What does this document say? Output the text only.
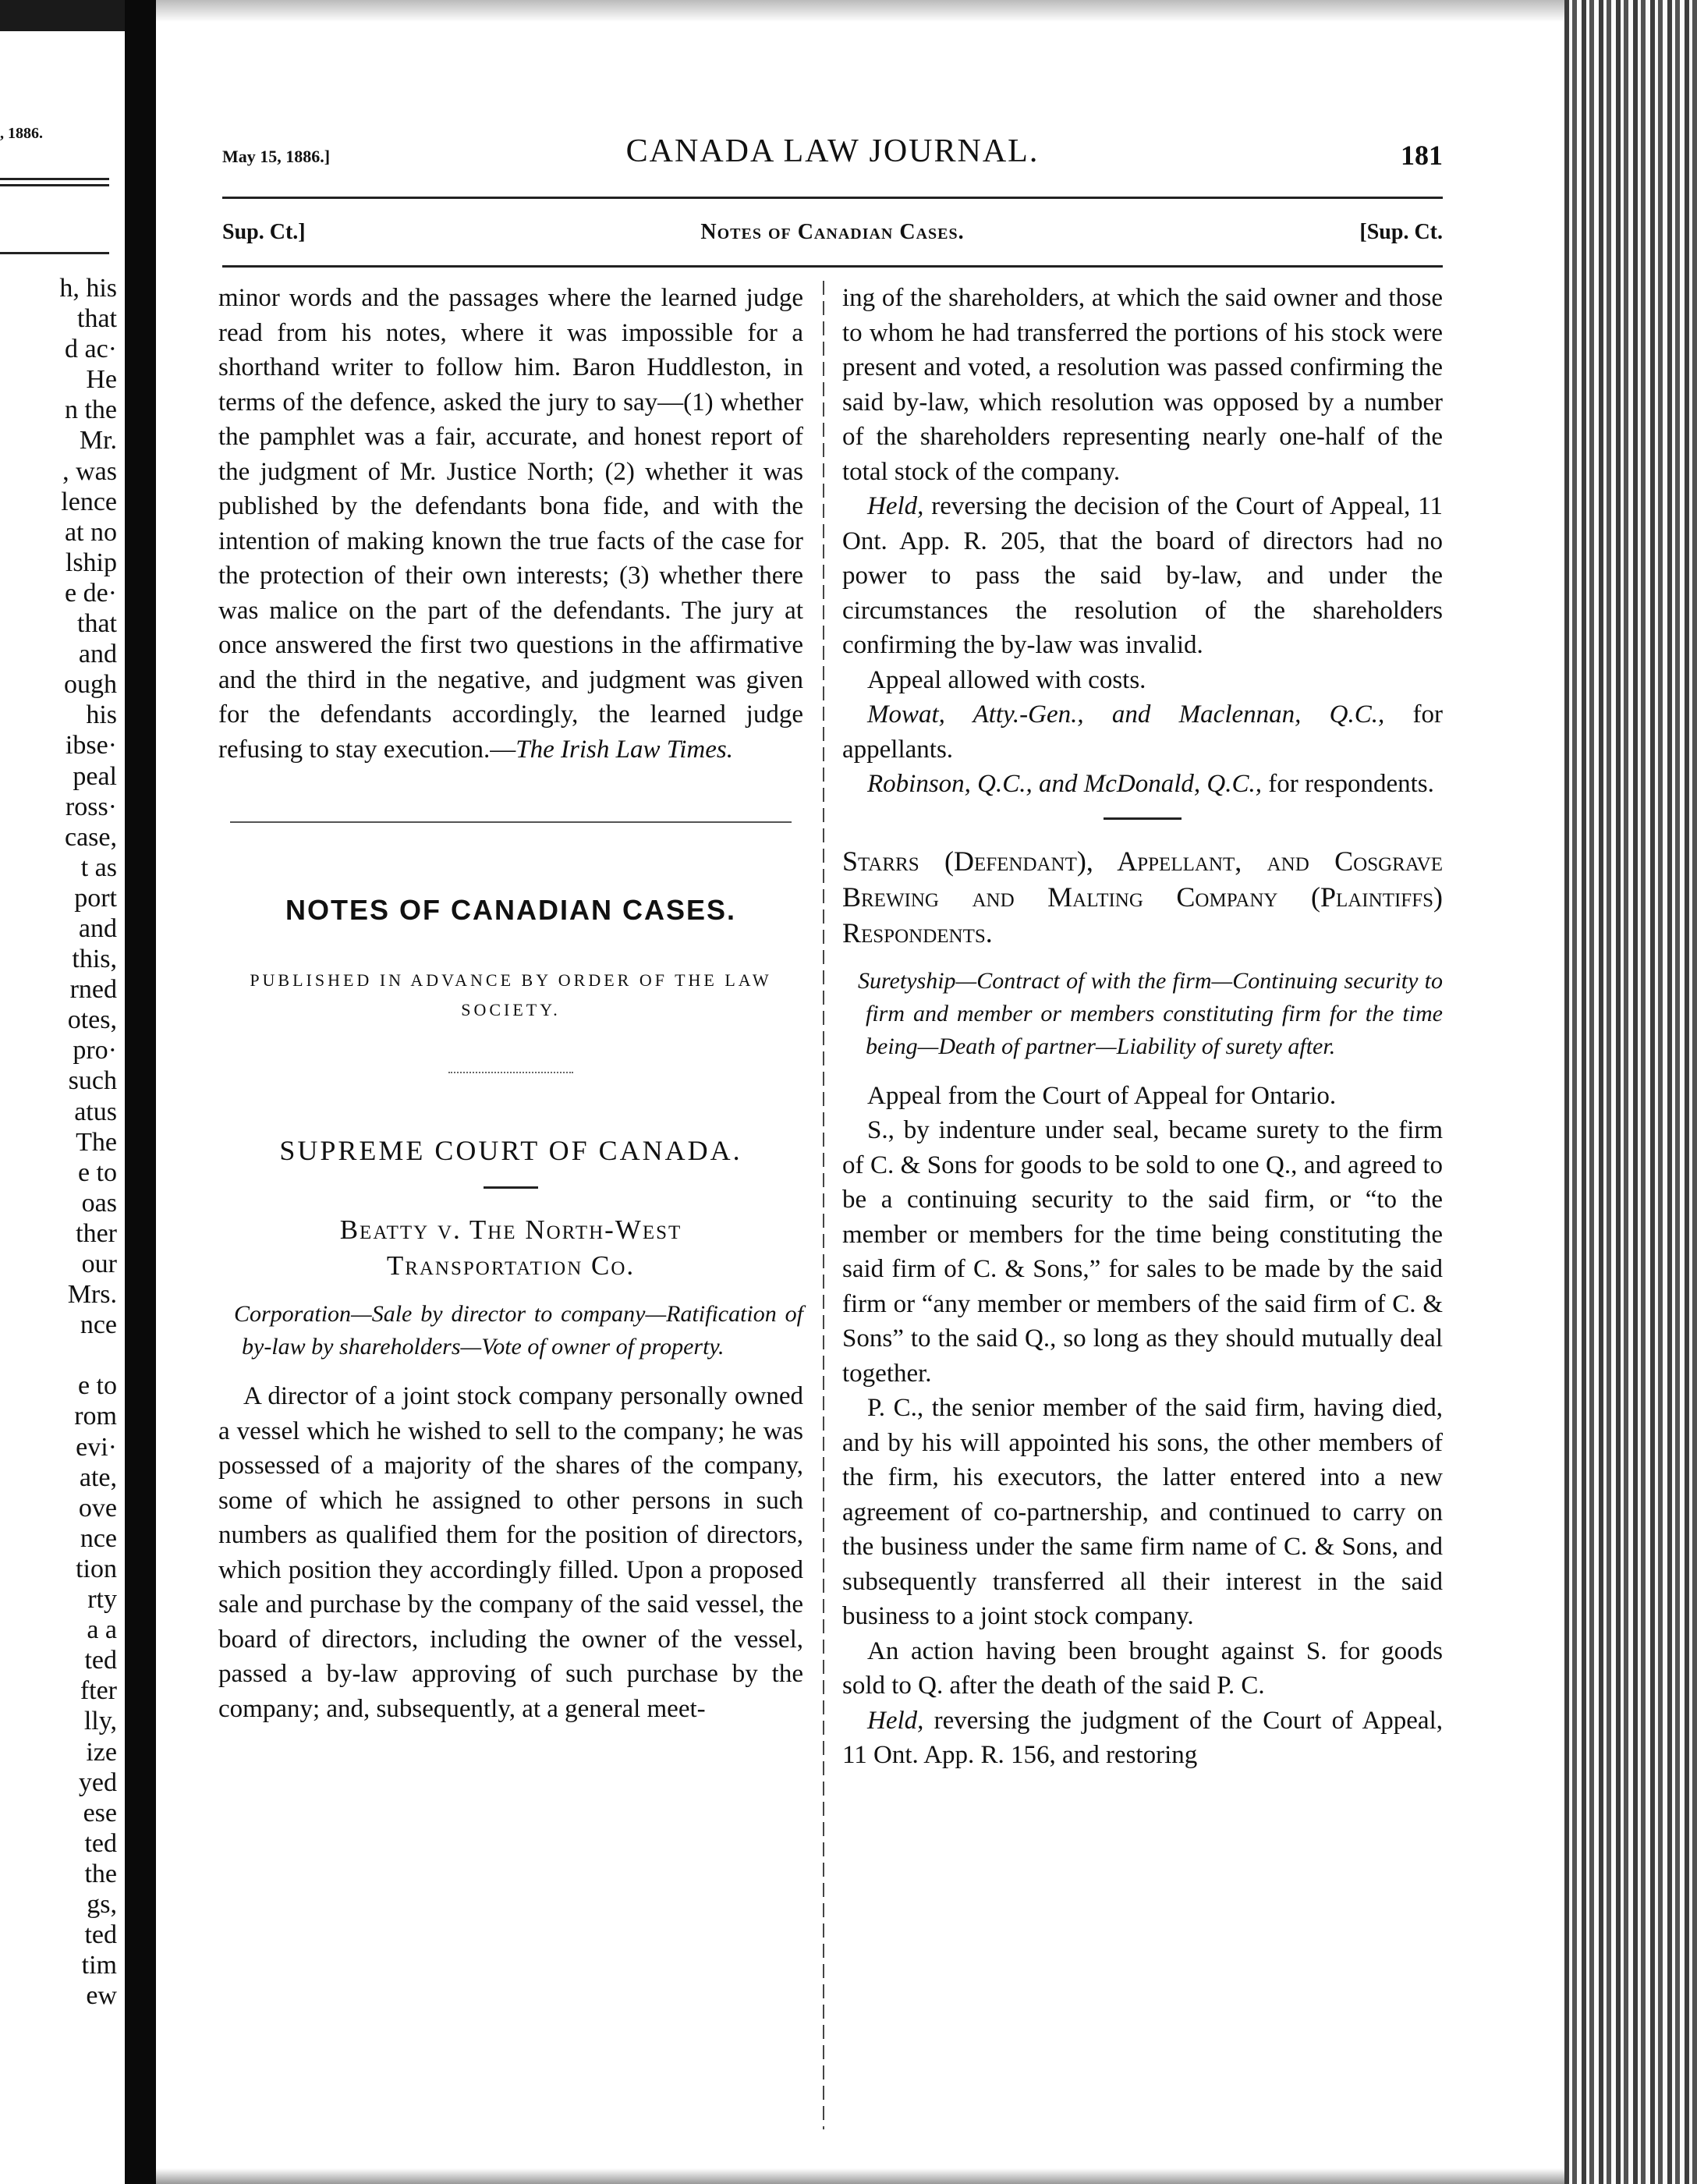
, 1886.
h, his
that
d ac·
He
n the
Mr.
, was
lence
at no
lship
e de·
that
and
ough
his
ibse·
peal
ross·
case,
t as
port
and
this,
rned
otes,
pro·
such
atus
The
e to
oas
ther
our
Mrs.
nce

e to
rom
evi·
ate,
ove
nce
tion
rty
a a
ted
fter
lly,
ize
yed
ese
ted
the
gs,
ted
tim
ew
May 15, 1886.]	CANADA LAW JOURNAL.	181
Sup. Ct.]	Notes of Canadian Cases.	[Sup. Ct.

minor words and the passages where the learned judge read from his notes, where it was impossible for a shorthand writer to follow him. Baron Huddleston, in terms of the defence, asked the jury to say—(1) whether the pamphlet was a fair, accurate, and honest report of the judgment of Mr. Justice North; (2) whether it was published by the defendants bona fide, and with the intention of making known the true facts of the case for the protection of their own interests; (3) whether there was malice on the part of the defendants. The jury at once answered the first two questions in the affirmative and the third in the negative, and judgment was given for the defendants accordingly, the learned judge refusing to stay execution.—The Irish Law Times.

NOTES OF CANADIAN CASES.
PUBLISHED IN ADVANCE BY ORDER OF THE LAW SOCIETY.
SUPREME COURT OF CANADA.
Beatty v. The North-West Transportation Co.

Corporation—Sale by director to company—Ratification of by-law by shareholders—Vote of owner of property.

A director of a joint stock company personally owned a vessel which he wished to sell to the company; he was possessed of a majority of the shares of the company, some of which he assigned to other persons in such numbers as qualified them for the position of directors, which position they accordingly filled. Upon a proposed sale and purchase by the company of the said vessel, the board of directors, including the owner of the vessel, passed a by-law approving of such purchase by the company; and, subsequently, at a general meet-

ing of the shareholders, at which the said owner and those to whom he had transferred the portions of his stock were present and voted, a resolution was passed confirming the said by-law, which resolution was opposed by a number of the shareholders representing nearly one-half of the total stock of the company.

Held, reversing the decision of the Court of Appeal, 11 Ont. App. R. 205, that the board of directors had no power to pass the said by-law, and under the circumstances the resolution of the shareholders confirming the by-law was invalid.

Appeal allowed with costs.

Mowat, Atty.-Gen., and Maclennan, Q.C., for appellants.

Robinson, Q.C., and McDonald, Q.C., for respondents.

Starrs (Defendant), Appellant, and Cosgrave Brewing and Malting Company (Plaintiffs) Respondents.

Suretyship—Contract of with the firm—Continuing security to firm and member or members constituting firm for the time being—Death of partner—Liability of surety after.

Appeal from the Court of Appeal for Ontario.

S., by indenture under seal, became surety to the firm of C. & Sons for goods to be sold to one Q., and agreed to be a continuing security to the said firm, or “to the member or members for the time being constituting the said firm of C. & Sons,” for sales to be made by the said firm or “any member or members of the said firm of C. & Sons” to the said Q., so long as they should mutually deal together.

P. C., the senior member of the said firm, having died, and by his will appointed his sons, the other members of the firm, his executors, the latter entered into a new agreement of co-partnership, and continued to carry on the business under the same firm name of C. & Sons, and subsequently transferred all their interest in the said business to a joint stock company.

An action having been brought against S. for goods sold to Q. after the death of the said P. C.

Held, reversing the judgment of the Court of Appeal, 11 Ont. App. R. 156, and restoring
